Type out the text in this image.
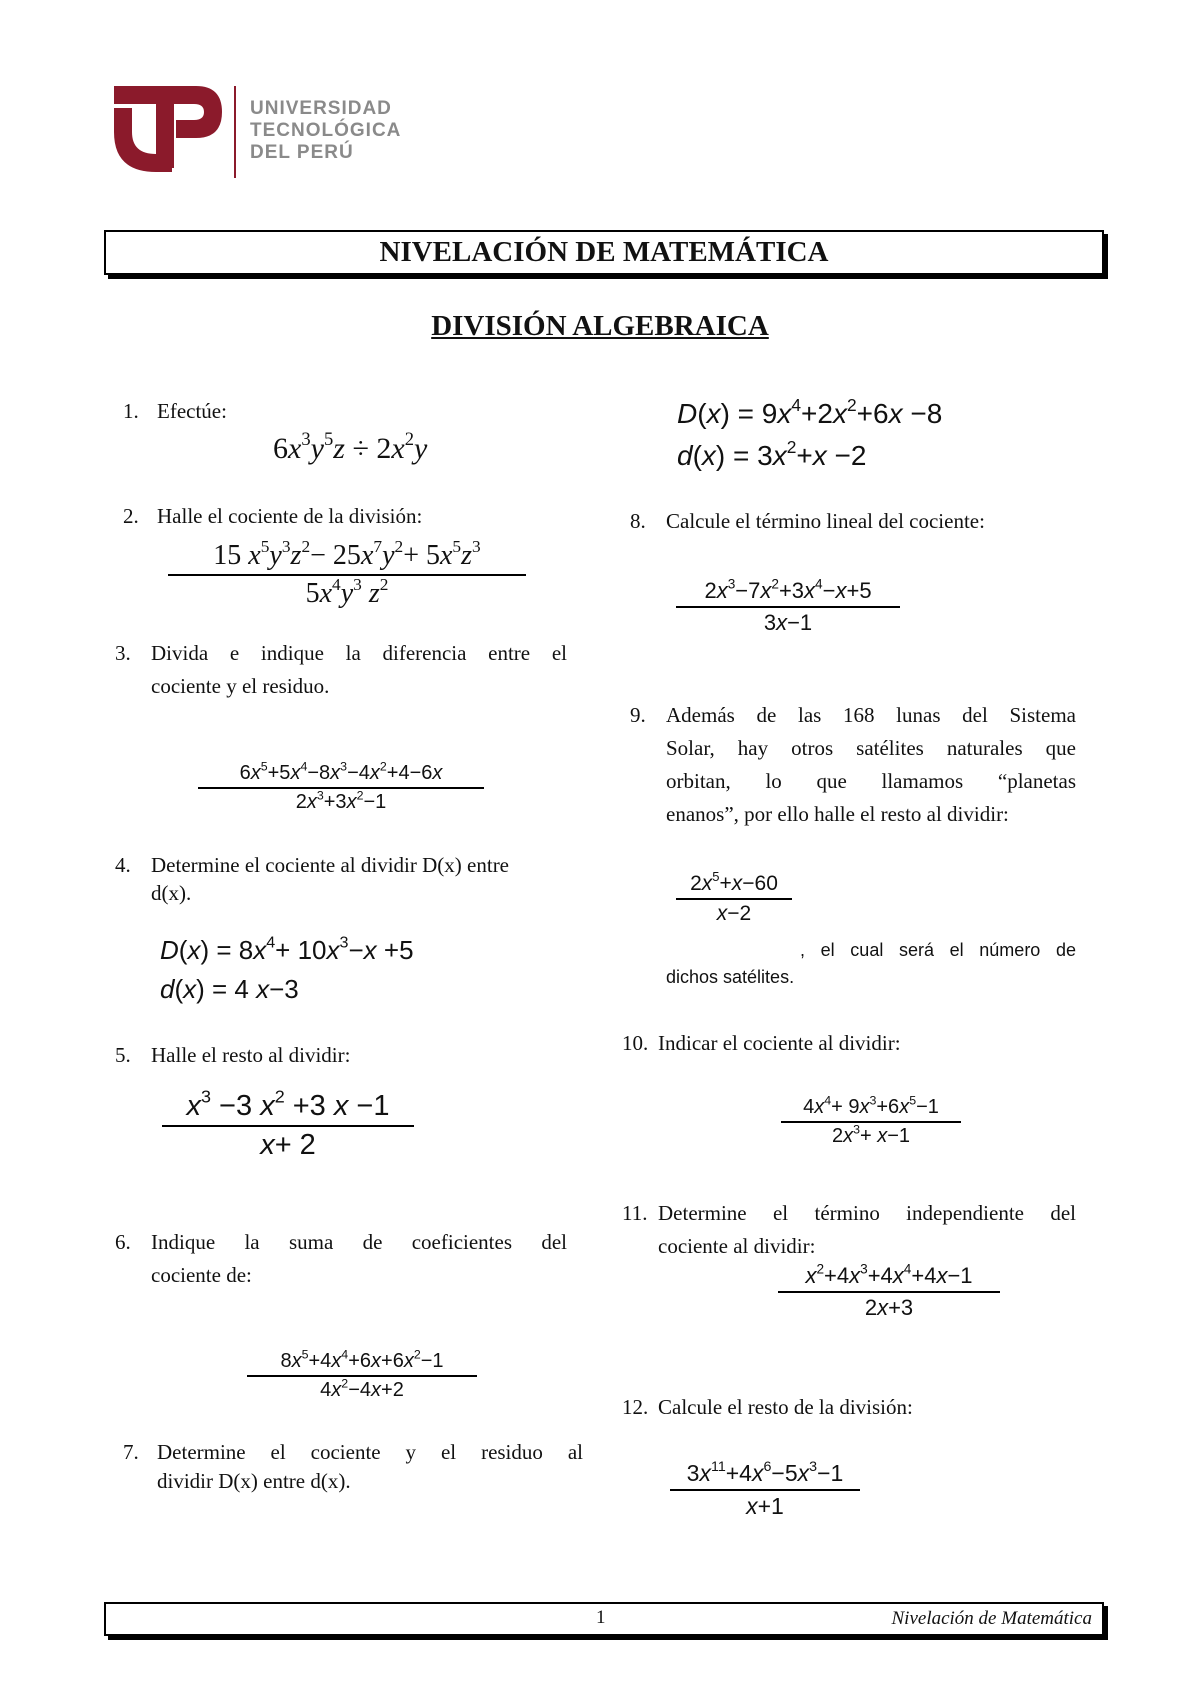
UNIVERSIDAD
TECNOLÓGICA
DEL PERÚ
NIVELACIÓN DE MATEMÁTICA
DIVISIÓN ALGEBRAICA
1. Efectúe:
$6x^3y^5z \div 2x^2y$
2. Halle el cociente de la división:
15 $x^5y^3z^2- 25x^7y^2+ 5x^5z^3$
$5x^4y^3$ $z^2$
3. Divida e indique la diferencia entre el
cociente y el residuo.
$6x^5+5x^4-8x^3-4x^2+4-6x$
$2x^3+3x^2-1$
4. Determine el cociente al dividir D(x) entre
d(x).
$D(x) = 8x^4+ 10x^3-x +5$
d(x) = 4 x−3
5. Halle el resto al dividir:
$x^3 -3$ $x^2 +3$ x −1
x+ 2
6. Indique la suma de coeficientes del
cociente de:
$8x^5+4x^4+6x+6x^2-1$
$4x^2-4x+2$
7. Determine el cociente y el residuo al
dividir D(x) entre d(x).
$D(x) = 9x^4+2x^2+6x -8$
$d(x) = 3x^2+x -2$
8. Calcule el término lineal del cociente:
$2x^3-7x^2+3x^4-x+5$
3x−1
9. Además de las 168 lunas del Sistema
Solar, hay otros satélites naturales que
orbitan, lo que llamamos “planetas
enanos”, por ello halle el resto al dividir:
$2x^5+x-60$
x−2
, el cual será el número de
dichos satélites.
10. Indicar el cociente al dividir:
$4x^4+ 9x^3+6x^5-1$
$2x^3+ x-1$
11. Determine el término independiente del
cociente al dividir:
$x^2+4x^3+4x^4+4x-1$
2x+3
12. Calcule el resto de la división:
$3x^{11}+4x^6-5x^3-1$
x+1
1	Nivelación de Matemática
